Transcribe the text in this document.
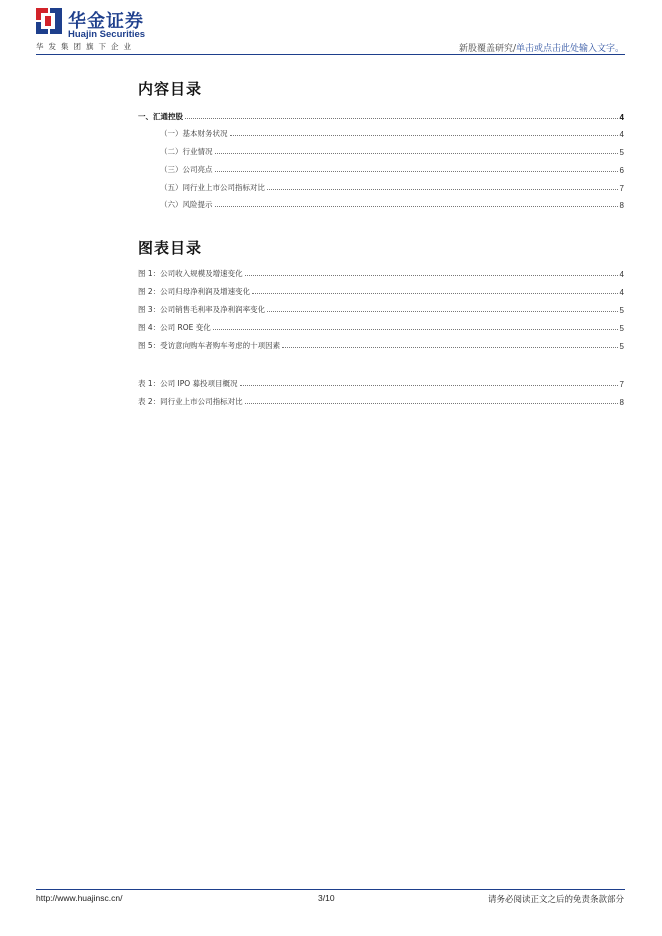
华金证券
Huajin Securities
华发集团旗下企业	新股覆盖研究/单击或点击此处输入文字。
内容目录
一、汇通控股	4
（一）基本财务状况	4
（二）行业情况	5
（三）公司亮点	6
（五）同行业上市公司指标对比	7
（六）风险提示	8
图表目录
图 1：公司收入规模及增速变化	4
图 2：公司归母净利润及增速变化	4
图 3：公司销售毛利率及净利润率变化	5
图 4：公司 ROE 变化	5
图 5：受访意向购车者购车考虑的十项因素	5
表 1：公司 IPO 募投项目概况	7
表 2：同行业上市公司指标对比	8
http://www.huajinsc.cn/	3/10	请务必阅读正文之后的免责条款部分
